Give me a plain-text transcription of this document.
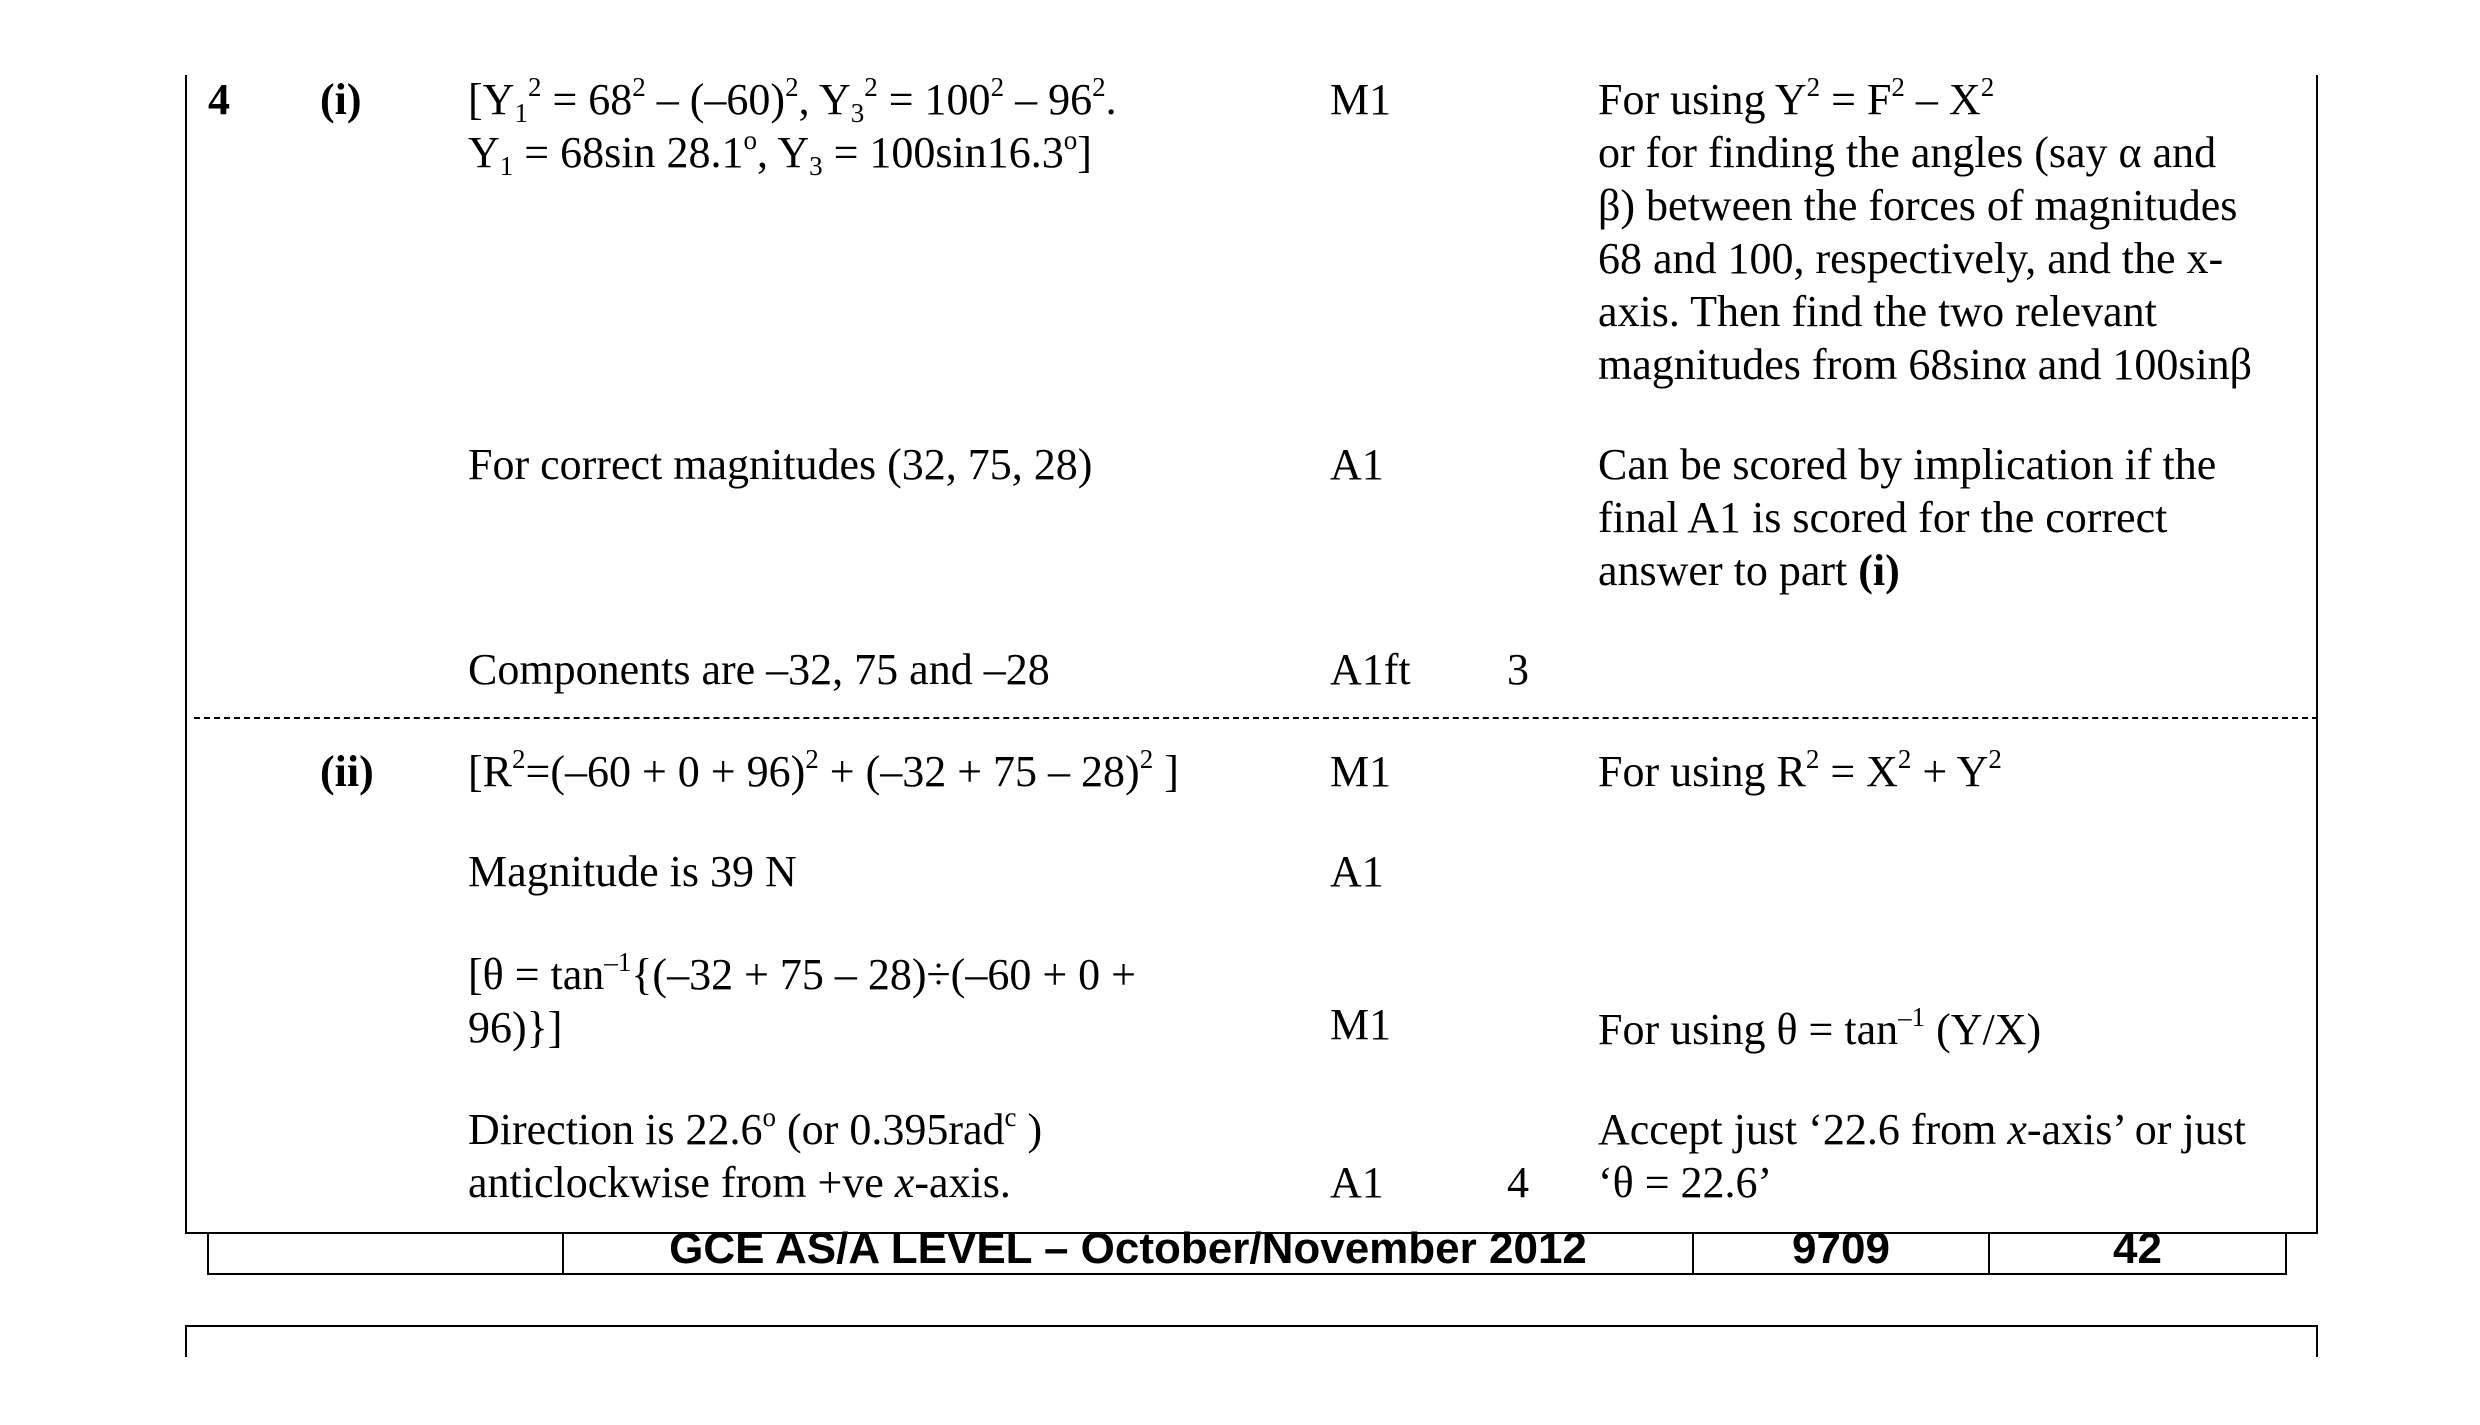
4 (i) [$Y_1^2 = 68^2 - (-60)^2$, $Y_3^2 = 100^2 - 96^2$.
$Y_1 = 68\sin$ 28.1$^o$, $Y_3 = 100\sin 16.3^o$]
M1	For using $Y^2 = F^2 - X^2$
or for finding the angles (say α and
β) between the forces of magnitudes
68 and 100, respectively, and the x-
axis. Then find the two relevant
magnitudes from 68sinα and 100sinβ
For correct magnitudes (32, 75, 28)	A1	Can be scored by implication if the
final A1 is scored for the correct
answer to part (i)
Components are –32, 75 and –28	A1ft 3
(ii) [$R^2=(-60 + 0 + 96)^2 + (-32 + 75 - 28)^2$ ]	M1	For using $R^2 = X^2 + Y^2$
Magnitude is 39 N	A1
[$\theta = \tan^{-1}\{(-32 + 75 - 28)\div(-60 + 0$ +
96)}]	M1	For using $\theta = \tan^{-1} (Y/X)$
Direction is 22.6$^o$ (or 0.395rad$^c$ )
anticlockwise from +ve x-axis.	A1	4
Accept just ‘22.6 from x-axis’ or just
‘θ = 22.6’
GCE AS/A LEVEL – October/November 2012	9709	42
